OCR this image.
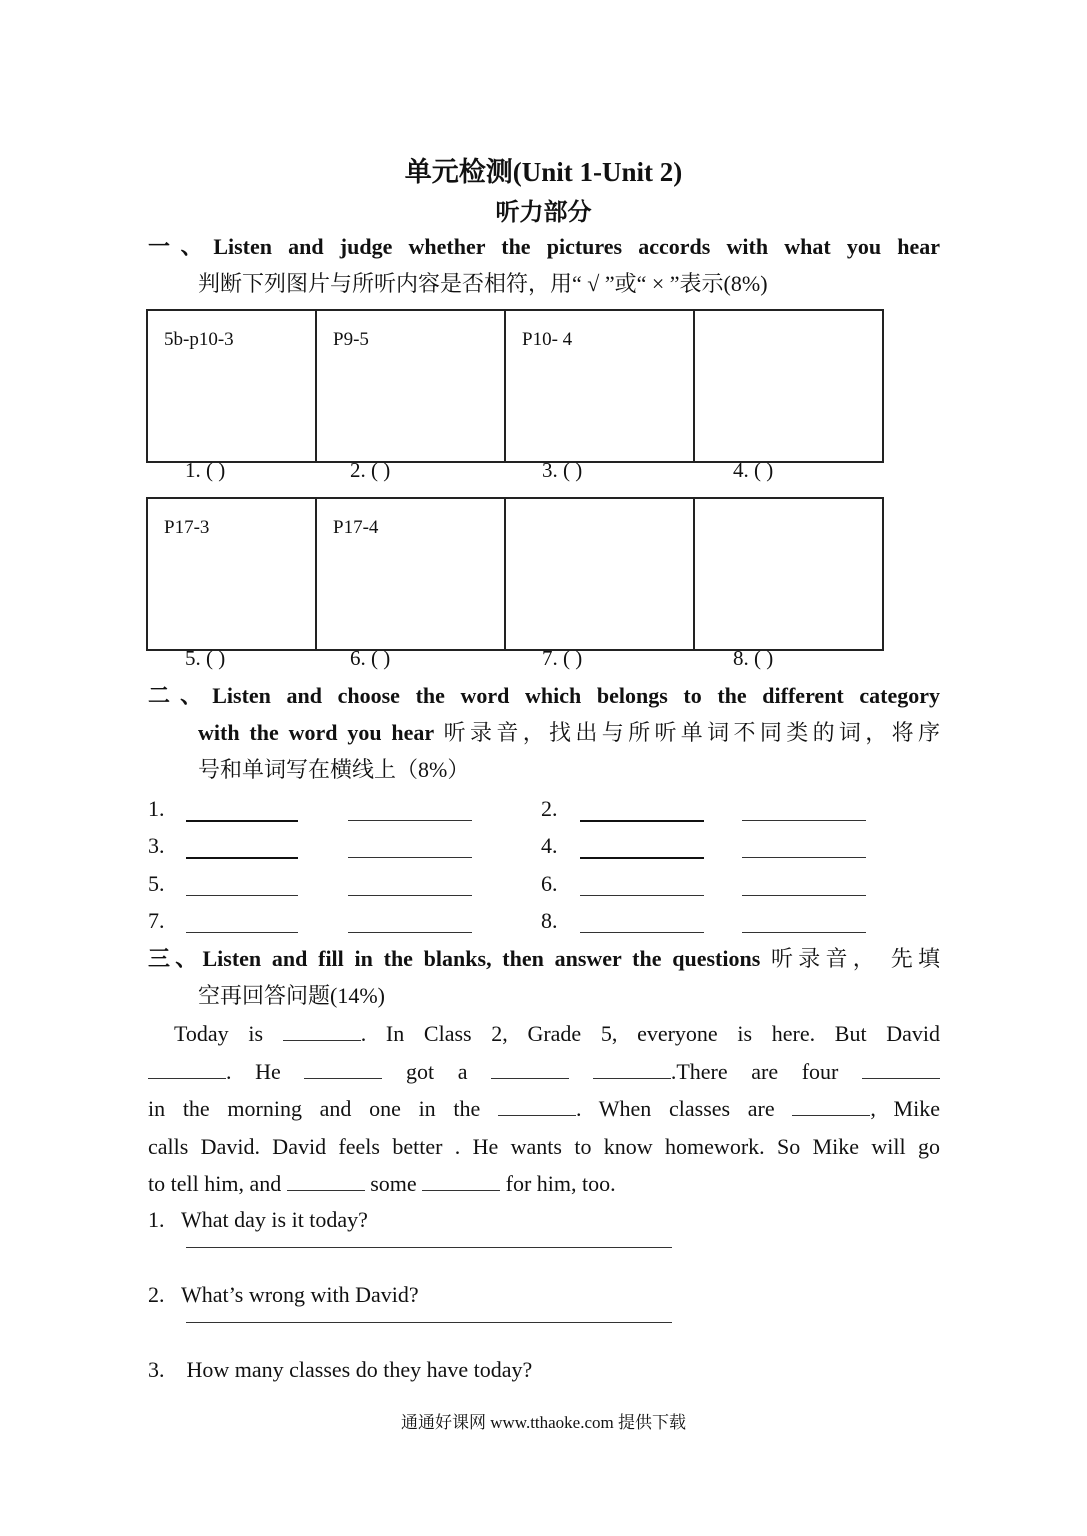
单元检测(Unit 1-Unit 2)
听力部分
一、Listen and judge whether the pictures accords with what you hear
判断下列图片与所听内容是否相符，用“ √ ”或“ × ”表示(8%)
5b-p10-3	P9-5	P10- 4	

1. ( )	2. ( )	3. ( )	4. ( )
P17-3	P17-4	

5. ( )	6. ( )	7. ( )	8. ( )
二、Listen and choose the word which belongs to the different category
with the word you hear 听录音，找出与所听单词不同类的词，将序
号和单词写在横线上（8%）
1.	2.
3.	4.
5.	6.
7.	8.
三、Listen and fill in the blanks, then answer the questions 听录音， 先填
空再回答问题(14%)
Today is	. In Class 2, Grade 5, everyone is here. But David
. He	got a	.There are four
in the morning and one in the	. When classes are	, Mike
calls David. David feels better . He wants to know homework. So Mike will go
to tell him, and	some	for him, too.
1. What day is it today?
2. What’s wrong with David?
3. How many classes do they have today?
通通好课网 www.tthaoke.com 提供下载
